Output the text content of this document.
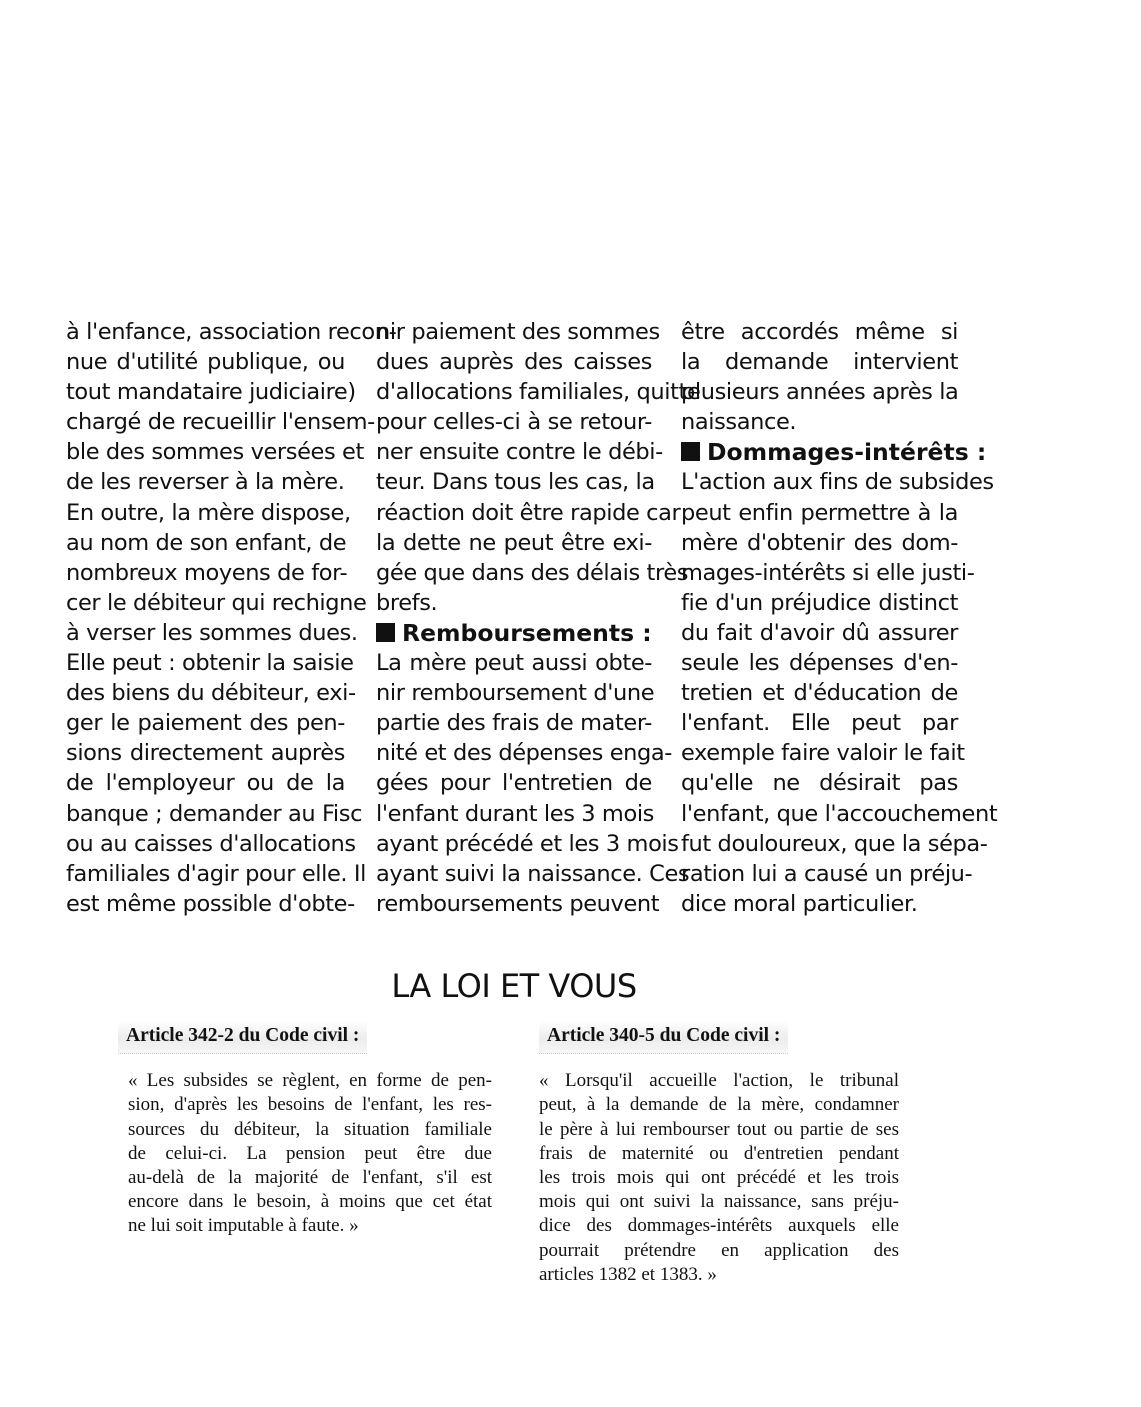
à l'enfance, association recon-
nue d'utilité publique, ou
tout mandataire judiciaire)
chargé de recueillir l'ensem-
ble des sommes versées et
de les reverser à la mère.
En outre, la mère dispose,
au nom de son enfant, de
nombreux moyens de for-
cer le débiteur qui rechigne
à verser les sommes dues.
Elle peut : obtenir la saisie
des biens du débiteur, exi-
ger le paiement des pen-
sions directement auprès
de l'employeur ou de la
banque ; demander au Fisc
ou au caisses d'allocations
familiales d'agir pour elle. Il
est même possible d'obte-
nir paiement des sommes
dues auprès des caisses
d'allocations familiales, quitte
pour celles-ci à se retour-
ner ensuite contre le débi-
teur. Dans tous les cas, la
réaction doit être rapide car
la dette ne peut être exi-
gée que dans des délais très
brefs.
Remboursements :
La mère peut aussi obte-
nir remboursement d'une
partie des frais de mater-
nité et des dépenses enga-
gées pour l'entretien de
l'enfant durant les 3 mois
ayant précédé et les 3 mois
ayant suivi la naissance. Ces
remboursements peuvent
être accordés même si
la demande intervient
plusieurs années après la
naissance.
Dommages-intérêts :
L'action aux fins de subsides
peut enfin permettre à la
mère d'obtenir des dom-
mages-intérêts si elle justi-
fie d'un préjudice distinct
du fait d'avoir dû assurer
seule les dépenses d'en-
tretien et d'éducation de
l'enfant. Elle peut par
exemple faire valoir le fait
qu'elle ne désirait pas
l'enfant, que l'accouchement
fut douloureux, que la sépa-
ration lui a causé un préju-
dice moral particulier.
LA LOI ET VOUS
Article 342-2 du Code civil :
« Les subsides se règlent, en forme de pen-
sion, d'après les besoins de l'enfant, les res-
sources du débiteur, la situation familiale
de celui-ci. La pension peut être due
au-delà de la majorité de l'enfant, s'il est
encore dans le besoin, à moins que cet état
ne lui soit imputable à faute. »
Article 340-5 du Code civil :
« Lorsqu'il accueille l'action, le tribunal
peut, à la demande de la mère, condamner
le père à lui rembourser tout ou partie de ses
frais de maternité ou d'entretien pendant
les trois mois qui ont précédé et les trois
mois qui ont suivi la naissance, sans préju-
dice des dommages-intérêts auxquels elle
pourrait prétendre en application des
articles 1382 et 1383. »
